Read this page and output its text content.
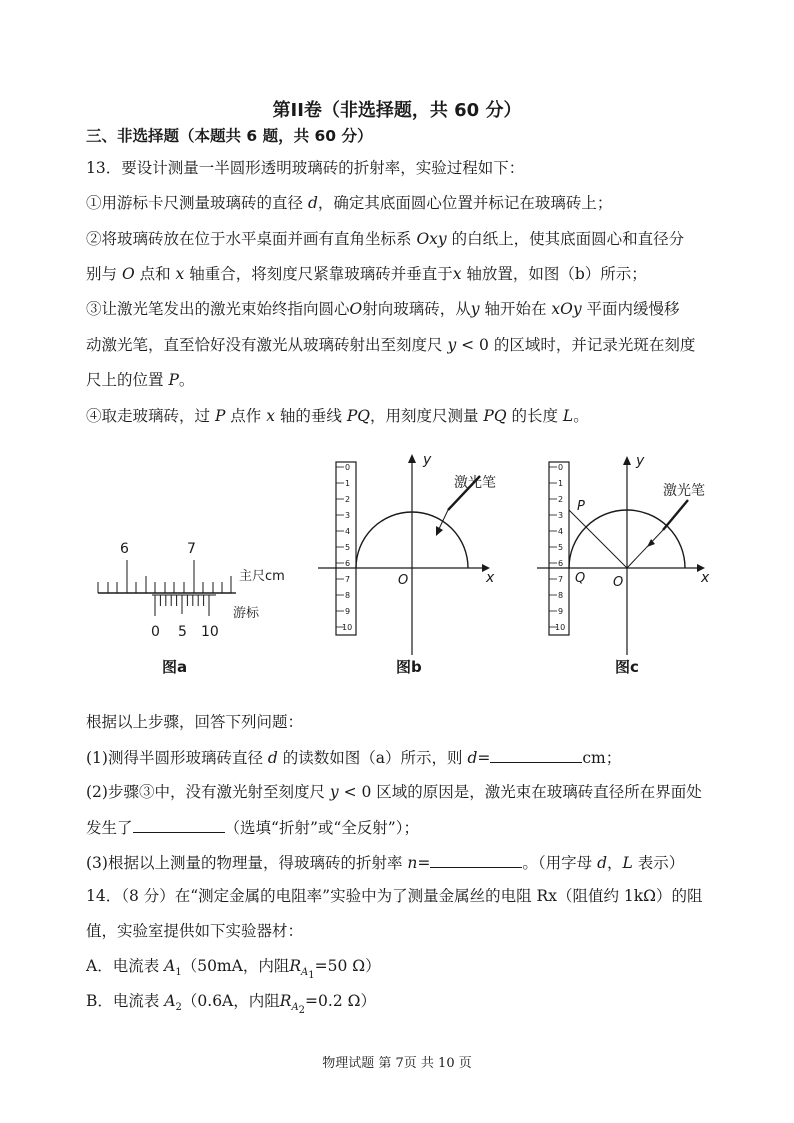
第II卷（非选择题，共 60 分）
三、非选择题（本题共 6 题，共 60 分）
13．要设计测量一半圆形透明玻璃砖的折射率，实验过程如下：
①用游标卡尺测量玻璃砖的直径 d，确定其底面圆心位置并标记在玻璃砖上；
②将玻璃砖放在位于水平桌面并画有直角坐标系 Oxy 的白纸上，使其底面圆心和直径分
别与 O 点和 x 轴重合，将刻度尺紧靠玻璃砖并垂直于x 轴放置，如图（b）所示；
③让激光笔发出的激光束始终指向圆心O射向玻璃砖，从y 轴开始在 xOy 平面内缓慢移
动激光笔，直至恰好没有激光从玻璃砖射出至刻度尺 y < 0 的区域时，并记录光斑在刻度
尺上的位置 P。
④取走玻璃砖，过 P 点作 x 轴的垂线 PQ，用刻度尺测量 PQ 的长度 L。
6	7
主尺cm
0 5 10
游标
图a
0
1
2
3
4
5
6
7
8
9
10
y
x
O
激光笔
图b
0
1
2
3
4
5
6
7
8
9
10
y
x
O
P
Q
激光笔
图c
根据以上步骤，回答下列问题：
(1)测得半圆形玻璃砖直径 d 的读数如图（a）所示，则 d=	cm；
(2)步骤③中，没有激光射至刻度尺 y < 0 区域的原因是，激光束在玻璃砖直径所在界面处
发生了	（选填“折射”或“全反射”）；
(3)根据以上测量的物理量，得玻璃砖的折射率 n=	。（用字母 d，L 表示）
14．（8 分）在“测定金属的电阻率”实验中为了测量金属丝的电阻 Rx（阻值约 1kΩ）的阻
值，实验室提供如下实验器材：
A．电流表 $A_1(50mA$，内阻$R_{A_1}=50$ Ω）
B．电流表 $A_2(0.6A$，内阻$R_{A_2}=0.2$ Ω）
物理试题 第 7页 共 10 页
